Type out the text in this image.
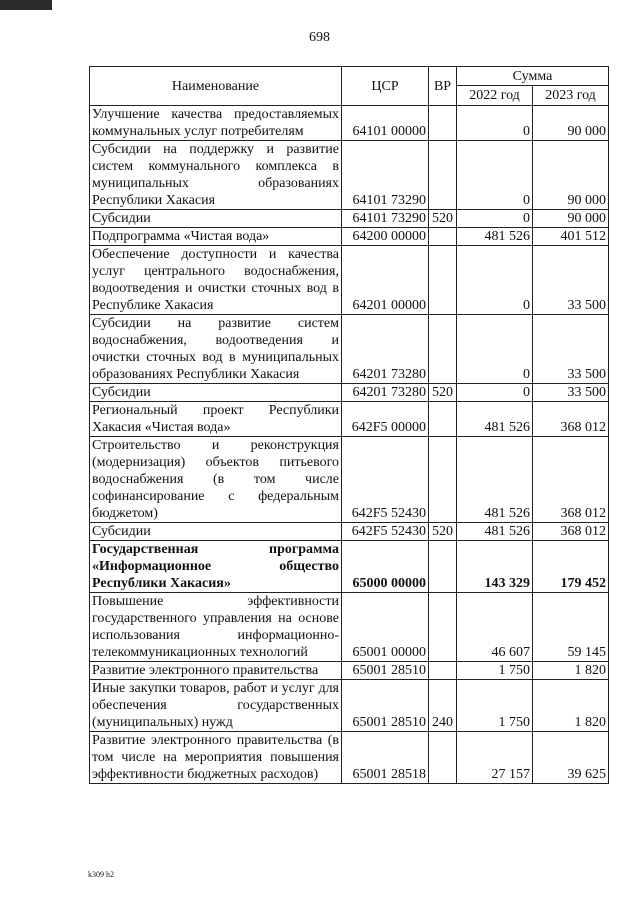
698
Наименование	ЦСР	ВР	Сумма	
			2022 год	2023 год
Улучшение качества предоставляемых коммунальных услуг потребителям	64101 00000		0	90 000
Субсидии на поддержку и развитие систем коммунального комплекса в муниципальных образованиях Республики Хакасия	64101 73290		0	90 000
Субсидии	64101 73290	520	0	90 000
Подпрограмма «Чистая вода»	64200 00000		481 526	401 512
Обеспечение доступности и качества услуг центрального водоснабжения, водоотведения и очистки сточных вод в Республике Хакасия	64201 00000		0	33 500
Субсидии на развитие систем водоснабжения, водоотведения и очистки сточных вод в муниципальных образованиях Республики Хакасия	64201 73280		0	33 500
Субсидии	64201 73280	520	0	33 500
Региональный проект Республики Хакасия «Чистая вода»	642F5 00000		481 526	368 012
Строительство и реконструкция (модернизация) объектов питьевого водоснабжения (в том числе софинансирование с федеральным бюджетом)	642F5 52430		481 526	368 012
Субсидии	642F5 52430	520	481 526	368 012
Государственная программа «Информационное общество Республики Хакасия»	65000 00000		143 329	179 452
Повышение эффективности государственного управления на основе использования информационно-телекоммуникационных технологий	65001 00000		46 607	59 145
Развитие электронного правительства	65001 28510		1 750	1 820
Иные закупки товаров, работ и услуг для обеспечения государственных (муниципальных) нужд	65001 28510	240	1 750	1 820
Развитие электронного правительства (в том числе на мероприятия повышения эффективности бюджетных расходов)	65001 28518		27 157	39 625
k309 h2
